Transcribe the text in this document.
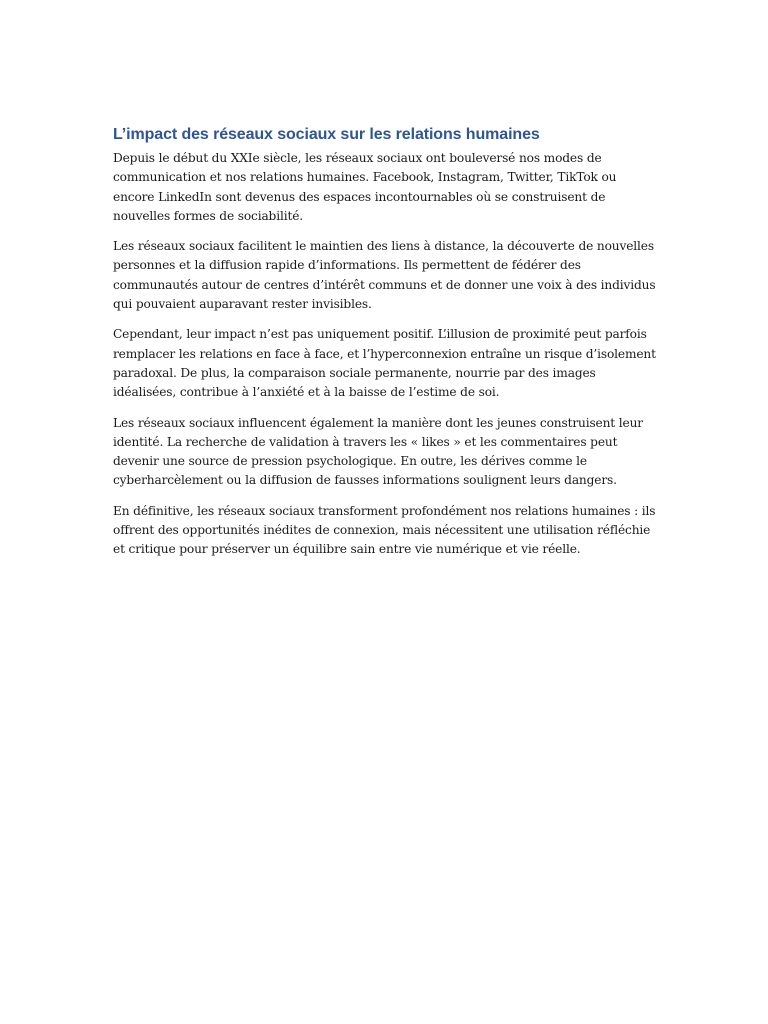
L’impact des réseaux sociaux sur les relations humaines

Depuis le début du XXIe siècle, les réseaux sociaux ont bouleversé nos modes de communication et nos relations humaines. Facebook, Instagram, Twitter, TikTok ou encore LinkedIn sont devenus des espaces incontournables où se construisent de nouvelles formes de sociabilité.

Les réseaux sociaux facilitent le maintien des liens à distance, la découverte de nouvelles personnes et la diffusion rapide d’informations. Ils permettent de fédérer des communautés autour de centres d’intérêt communs et de donner une voix à des individus qui pouvaient auparavant rester invisibles.

Cependant, leur impact n’est pas uniquement positif. L’illusion de proximité peut parfois remplacer les relations en face à face, et l’hyperconnexion entraîne un risque d’isolement paradoxal. De plus, la comparaison sociale permanente, nourrie par des images idéalisées, contribue à l’anxiété et à la baisse de l’estime de soi.

Les réseaux sociaux influencent également la manière dont les jeunes construisent leur identité. La recherche de validation à travers les « likes » et les commentaires peut devenir une source de pression psychologique. En outre, les dérives comme le cyberharcèlement ou la diffusion de fausses informations soulignent leurs dangers.

En définitive, les réseaux sociaux transforment profondément nos relations humaines : ils offrent des opportunités inédites de connexion, mais nécessitent une utilisation réfléchie et critique pour préserver un équilibre sain entre vie numérique et vie réelle.
